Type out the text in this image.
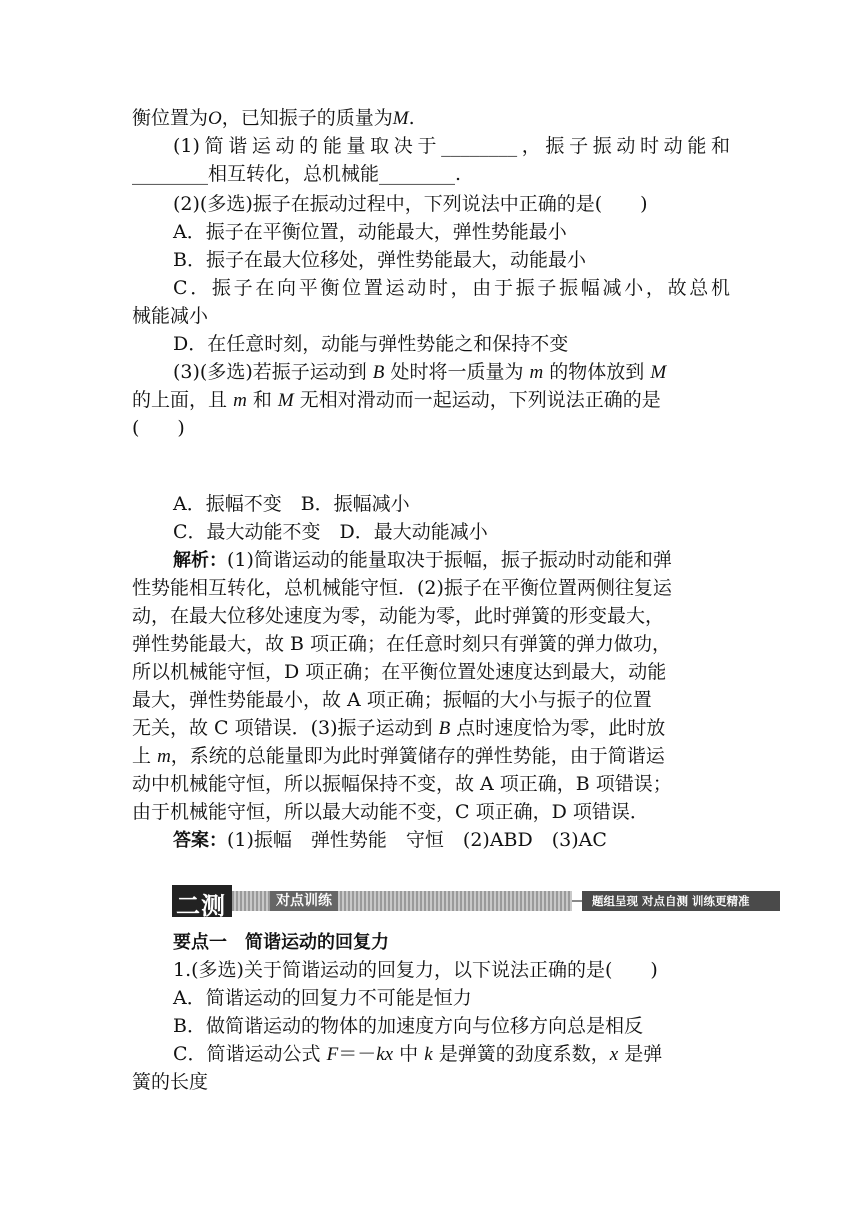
衡位置为O，已知振子的质量为M.
(1)简谐运动的能量取决于________，振子振动时动能和
________相互转化，总机械能________.
(2)(多选)振子在振动过程中，下列说法中正确的是(　　)
A．振子在平衡位置，动能最大，弹性势能最小
B．振子在最大位移处，弹性势能最大，动能最小
C．振子在向平衡位置运动时，由于振子振幅减小，故总机
械能减小
D．在任意时刻，动能与弹性势能之和保持不变
(3)(多选)若振子运动到 B 处时将一质量为 m 的物体放到 M
的上面，且 m 和 M 无相对滑动而一起运动，下列说法正确的是
(　　)
A．振幅不变　B．振幅减小
C．最大动能不变　D．最大动能减小
解析：(1)简谐运动的能量取决于振幅，振子振动时动能和弹
性势能相互转化，总机械能守恒．(2)振子在平衡位置两侧往复运
动，在最大位移处速度为零，动能为零，此时弹簧的形变最大，
弹性势能最大，故 B 项正确；在任意时刻只有弹簧的弹力做功，
所以机械能守恒，D 项正确；在平衡位置处速度达到最大，动能
最大，弹性势能最小，故 A 项正确；振幅的大小与振子的位置
无关，故 C 项错误．(3)振子运动到 B 点时速度恰为零，此时放
上 m，系统的总能量即为此时弹簧储存的弹性势能，由于简谐运
动中机械能守恒，所以振幅保持不变，故 A 项正确，B 项错误；
由于机械能守恒，所以最大动能不变，C 项正确，D 项错误．
答案：(1)振幅　弹性势能　守恒　(2)ABD　(3)AC
二测	对点训练	题组呈现 对点自测 训练更精准
要点一　简谐运动的回复力
1.(多选)关于简谐运动的回复力，以下说法正确的是(　　)
A．简谐运动的回复力不可能是恒力
B．做简谐运动的物体的加速度方向与位移方向总是相反
C．简谐运动公式 F＝－kx 中 k 是弹簧的劲度系数，x 是弹
簧的长度
